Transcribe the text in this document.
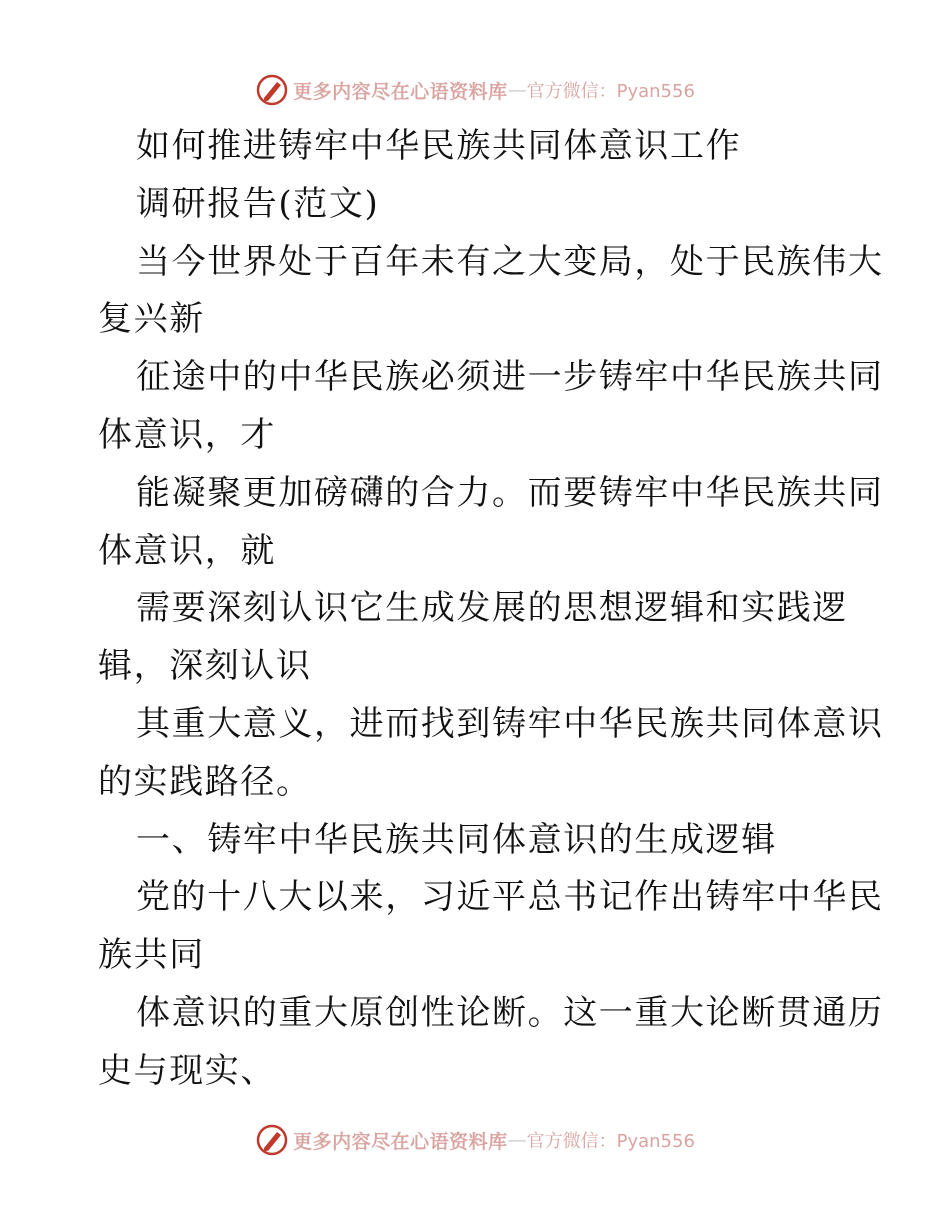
更多内容尽在心语资料库 — 官方微信：Pyan556
如何推进铸牢中华民族共同体意识工作
调研报告(范文)
当今世界处于百年未有之大变局，处于民族伟大
复兴新
征途中的中华民族必须进一步铸牢中华民族共同
体意识，才
能凝聚更加磅礴的合力。而要铸牢中华民族共同
体意识，就
需要深刻认识它生成发展的思想逻辑和实践逻
辑，深刻认识
其重大意义，进而找到铸牢中华民族共同体意识
的实践路径。
一、铸牢中华民族共同体意识的生成逻辑
党的十八大以来，习近平总书记作出铸牢中华民
族共同
体意识的重大原创性论断。这一重大论断贯通历
史与现实、
更多内容尽在心语资料库 — 官方微信：Pyan556
